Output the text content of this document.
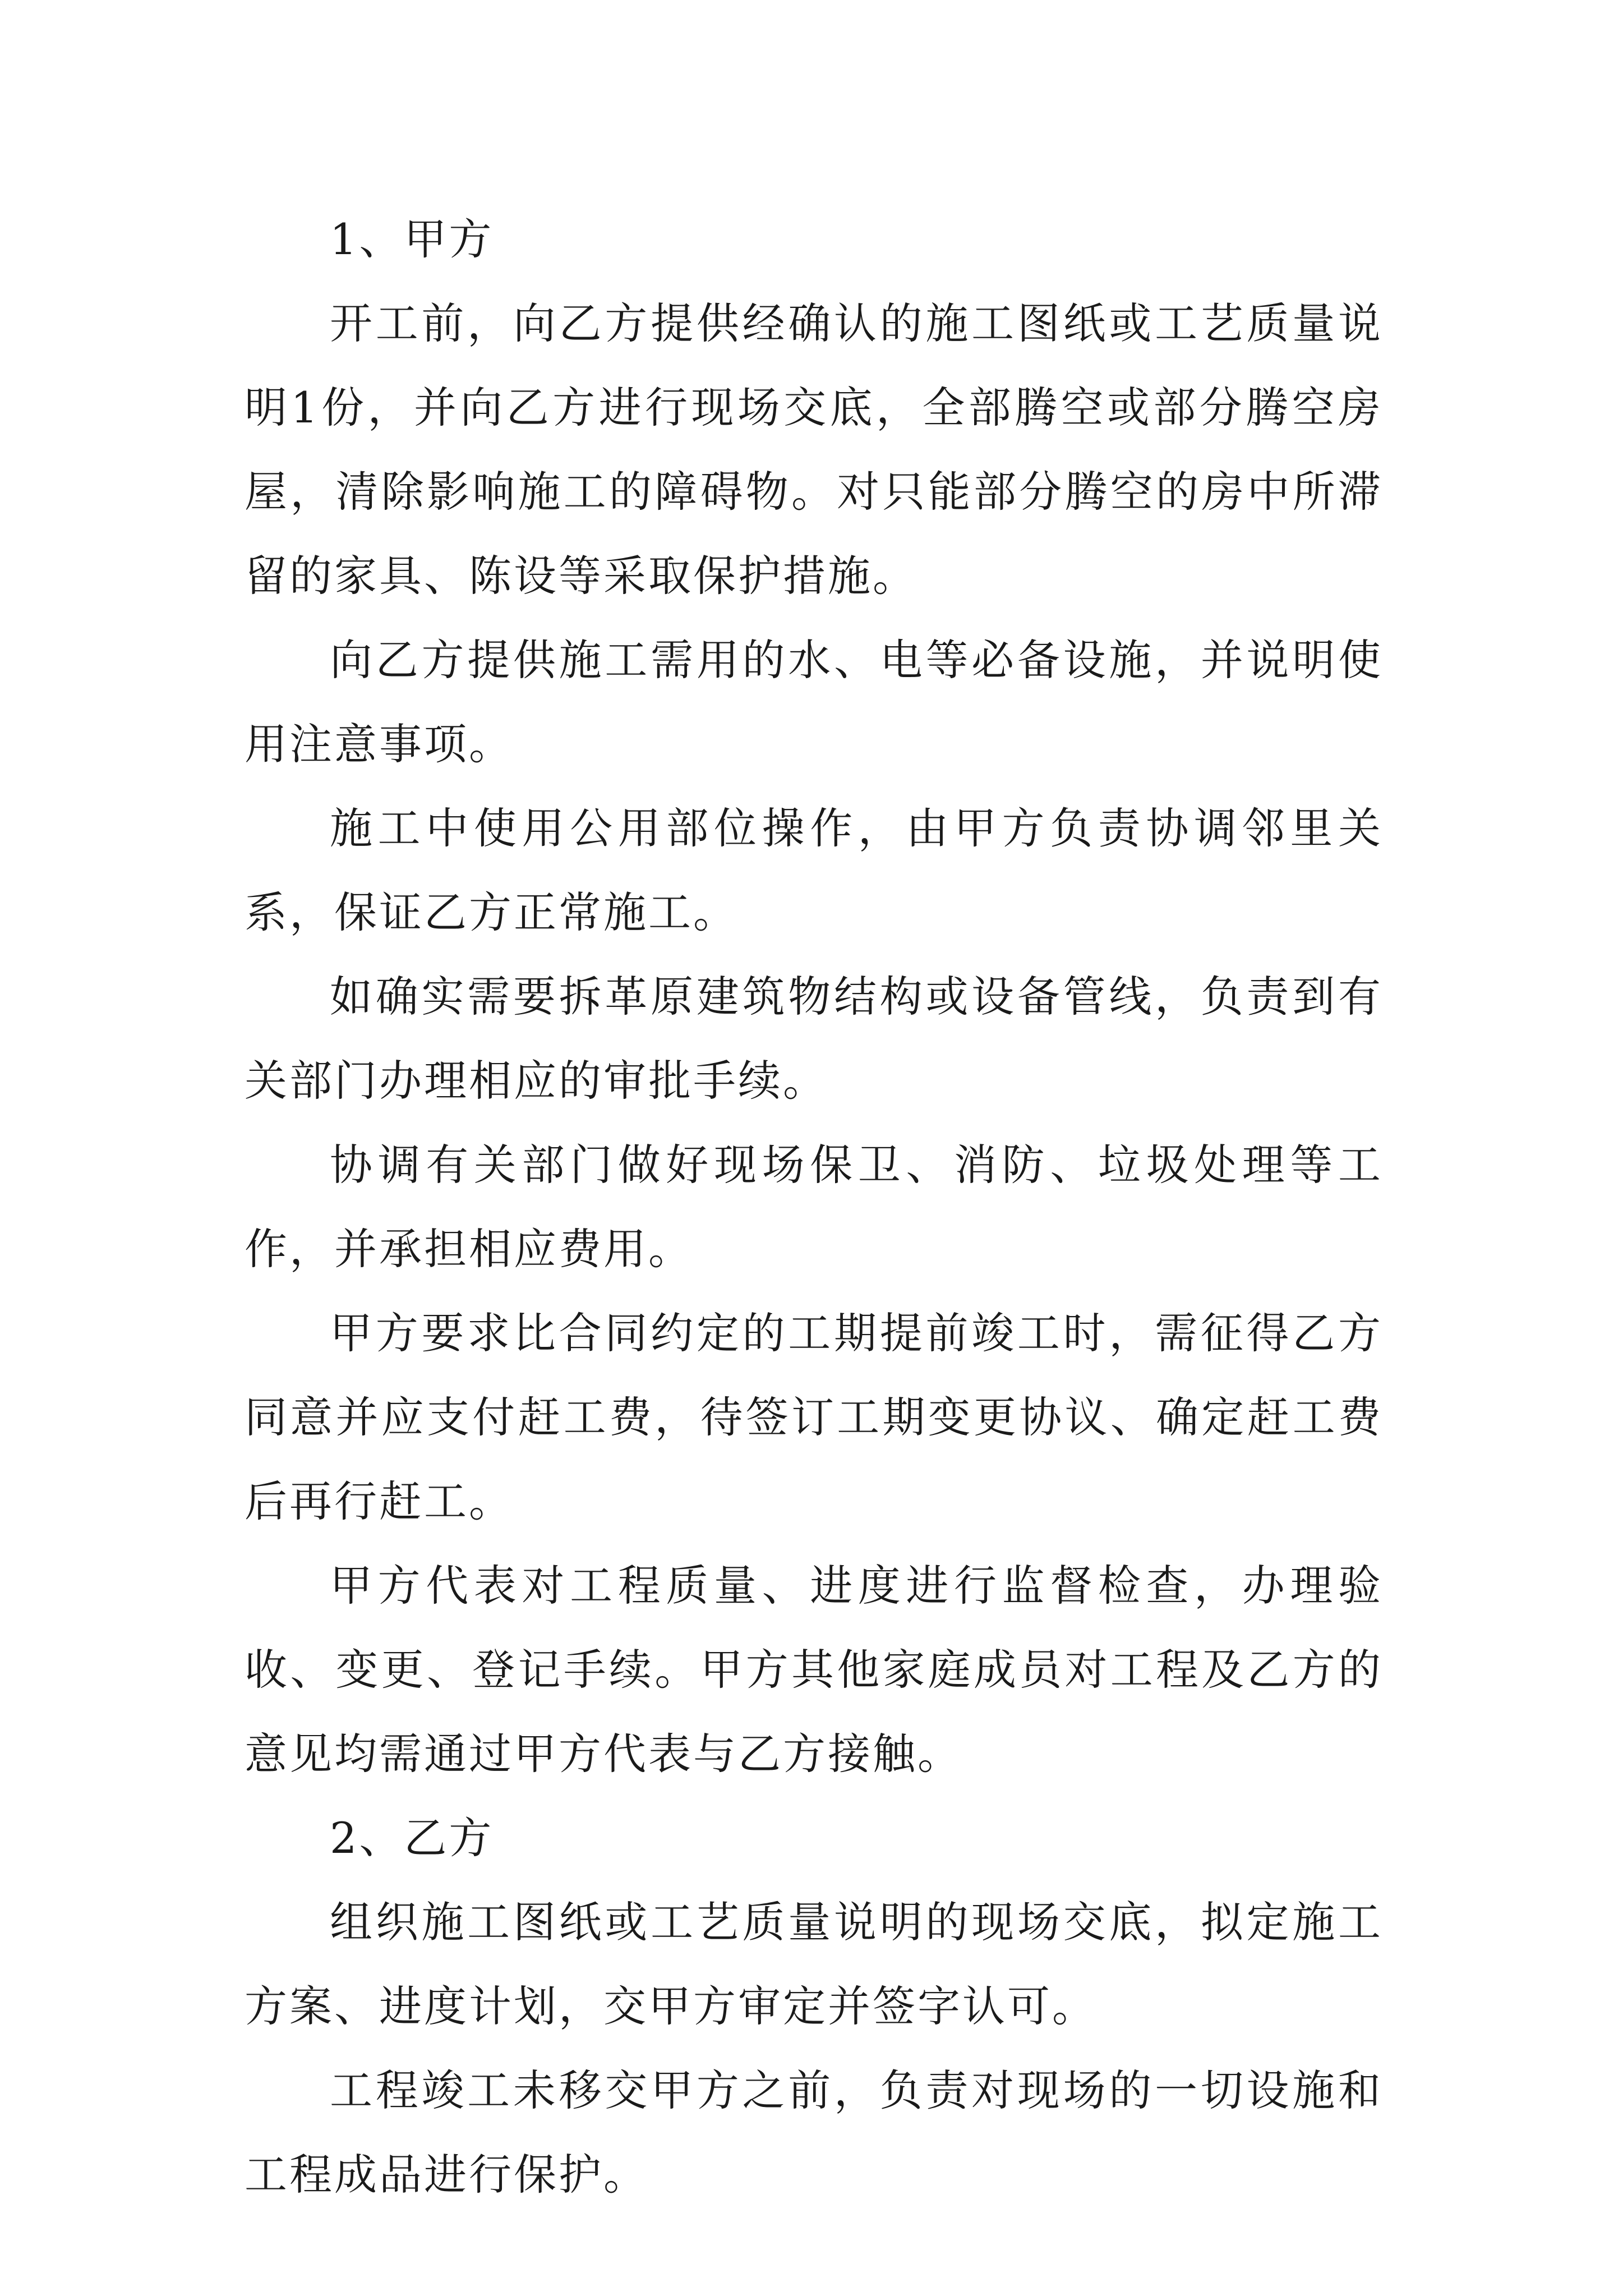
1、甲方

开工前，向乙方提供经确认的施工图纸或工艺质量说明1份，并向乙方进行现场交底，全部腾空或部分腾空房屋，清除影响施工的障碍物。对只能部分腾空的房中所滞留的家具、陈设等采取保护措施。

向乙方提供施工需用的水、电等必备设施，并说明使用注意事项。

施工中使用公用部位操作，由甲方负责协调邻里关系，保证乙方正常施工。

如确实需要拆革原建筑物结构或设备管线，负责到有关部门办理相应的审批手续。

协调有关部门做好现场保卫、消防、垃圾处理等工作，并承担相应费用。

甲方要求比合同约定的工期提前竣工时，需征得乙方同意并应支付赶工费，待签订工期变更协议、确定赶工费后再行赶工。

甲方代表对工程质量、进度进行监督检查，办理验收、变更、登记手续。甲方其他家庭成员对工程及乙方的意见均需通过甲方代表与乙方接触。

2、乙方

组织施工图纸或工艺质量说明的现场交底，拟定施工方案、进度计划，交甲方审定并签字认可。

工程竣工未移交甲方之前，负责对现场的一切设施和工程成品进行保护。
